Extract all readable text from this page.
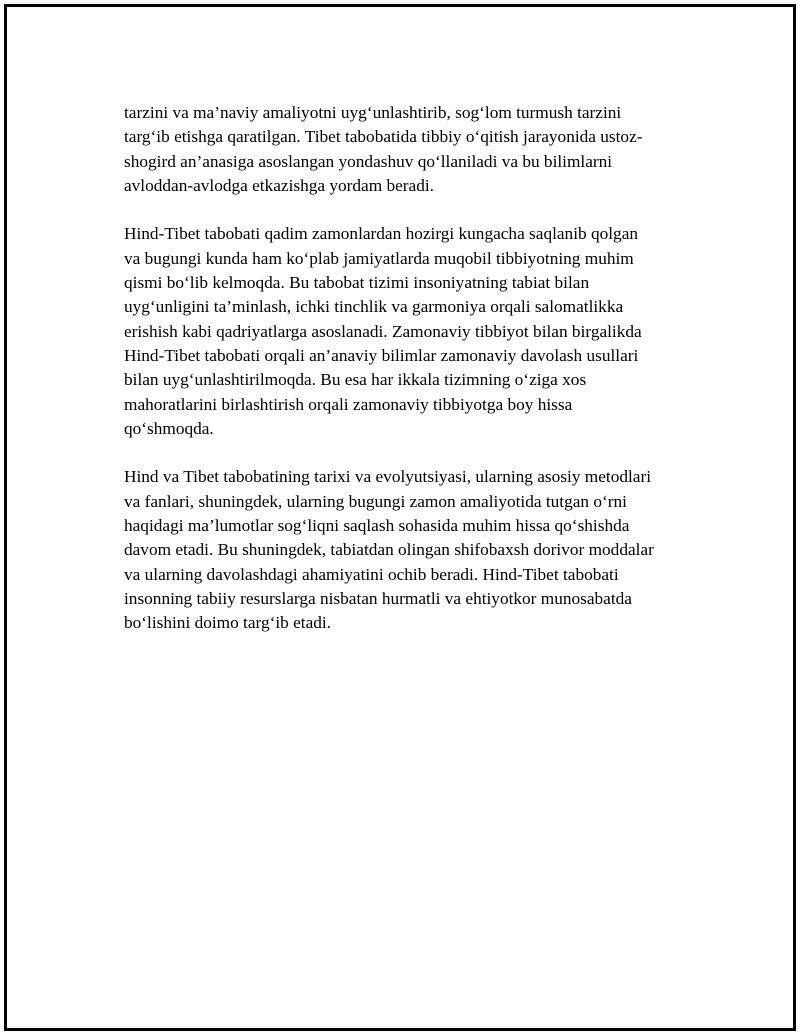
tarzini va ma’naviy amaliyotni uyg‘unlashtirib, sog‘lom turmush tarzini
targ‘ib etishga qaratilgan. Tibet tabobatida tibbiy o‘qitish jarayonida ustoz-
shogird an’anasiga asoslangan yondashuv qo‘llaniladi va bu bilimlarni
avloddan-avlodga etkazishga yordam beradi.

Hind-Tibet tabobati qadim zamonlardan hozirgi kungacha saqlanib qolgan
va bugungi kunda ham ko‘plab jamiyatlarda muqobil tibbiyotning muhim
qismi bo‘lib kelmoqda. Bu tabobat tizimi insoniyatning tabiat bilan
uyg‘unligini ta’minlash, ichki tinchlik va garmoniya orqali salomatlikka
erishish kabi qadriyatlarga asoslanadi. Zamonaviy tibbiyot bilan birgalikda
Hind-Tibet tabobati orqali an’anaviy bilimlar zamonaviy davolash usullari
bilan uyg‘unlashtirilmoqda. Bu esa har ikkala tizimning o‘ziga xos
mahoratlarini birlashtirish orqali zamonaviy tibbiyotga boy hissa
qo‘shmoqda.

Hind va Tibet tabobatining tarixi va evolyutsiyasi, ularning asosiy metodlari
va fanlari, shuningdek, ularning bugungi zamon amaliyotida tutgan o‘rni
haqidagi ma’lumotlar sog‘liqni saqlash sohasida muhim hissa qo‘shishda
davom etadi. Bu shuningdek, tabiatdan olingan shifobaxsh dorivor moddalar
va ularning davolashdagi ahamiyatini ochib beradi. Hind-Tibet tabobati
insonning tabiiy resurslarga nisbatan hurmatli va ehtiyotkor munosabatda
bo‘lishini doimo targ‘ib etadi.
